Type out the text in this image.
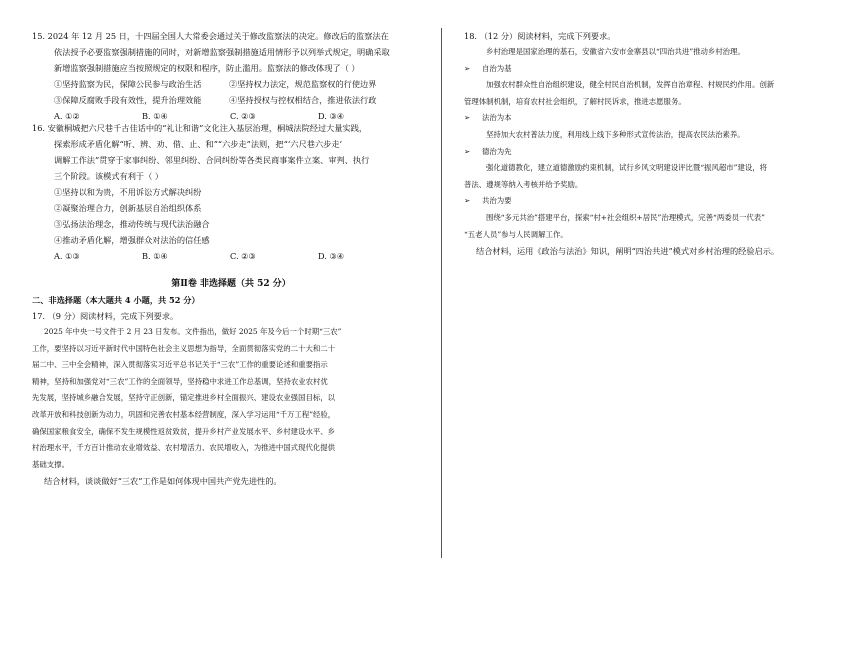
15. 2024 年 12 月 25 日，十四届全国人大常委会通过关于修改监察法的决定。修改后的监察法在
依法授予必要监察强制措施的同时，对新增监察强制措施适用情形予以列举式规定，明确采取
新增监察强制措施应当按照规定的权限和程序，防止滥用。监察法的修改体现了（ ）
①坚持监察为民，保障公民参与政治生活	②坚持权力法定，规范监察权的行使边界
③保障反腐败手段有效性，提升治理效能	④坚持授权与控权相结合，推进依法行政
A. ①②	B. ①④	C. ②③	D. ③④
16. 安徽桐城把六尺巷千古佳话中的“礼让和谐”文化注入基层治理，桐城法院经过大量实践，
探索形成矛盾化解“听、辨、劝、借、止、和”“六步走”法则，把“‘六尺巷六步走’
调解工作法”贯穿于家事纠纷、邻里纠纷、合同纠纷等各类民商事案件立案、审判、执行
三个阶段。该模式有利于（ ）
①坚持以和为贵，不用诉讼方式解决纠纷
②凝聚治理合力，创新基层自治组织体系
③弘扬法治理念，推动传统与现代法治融合
④推动矛盾化解，增强群众对法治的信任感
A. ①③	B. ①④	C. ②③	D. ③④
第Ⅱ卷 非选择题（共 52 分）
二、非选择题（本大题共 4 小题，共 52 分）
17. （9 分）阅读材料，完成下列要求。
2025 年中央一号文件于 2 月 23 日发布。文件指出，做好 2025 年及今后一个时期“三农”
工作，要坚持以习近平新时代中国特色社会主义思想为指导，全面贯彻落实党的二十大和二十
届二中、三中全会精神，深入贯彻落实习近平总书记关于“三农”工作的重要论述和重要指示
精神，坚持和加强党对“三农”工作的全面领导，坚持稳中求进工作总基调，坚持农业农村优
先发展，坚持城乡融合发展，坚持守正创新，锚定推进乡村全面振兴、建设农业强国目标，以
改革开放和科技创新为动力，巩固和完善农村基本经营制度，深入学习运用“千万工程”经验，
确保国家粮食安全，确保不发生规模性返贫致贫，提升乡村产业发展水平、乡村建设水平、乡
村治理水平，千方百计推动农业增效益、农村增活力、农民增收入，为推进中国式现代化提供
基础支撑。
结合材料，谈谈做好“三农”工作是如何体现中国共产党先进性的。
18. （12 分）阅读材料，完成下列要求。
乡村治理是国家治理的基石，安徽省六安市金寨县以“四治共进”推动乡村治理。
➢ 自治为基
加强农村群众性自治组织建设，健全村民自治机制，发挥自治章程、村规民约作用。创新
管理体制机制，培育农村社会组织，了解村民诉求，推进志愿服务。
➢ 法治为本
坚持加大农村普法力度，利用线上线下多种形式宣传法治，提高农民法治素养。
➢ 德治为先
强化道德教化，建立道德激励约束机制，试行乡风文明建设评比暨“振风超市”建设，将
普法、遵规等纳入考核并给予奖励。
➢ 共治为要
围绕“多元共治”搭建平台，探索“村+社会组织+居民”治理模式，完善“两委员一代表”
“五老人员”参与人民调解工作。
结合材料，运用《政治与法治》知识，阐明“四治共进”模式对乡村治理的经验启示。
